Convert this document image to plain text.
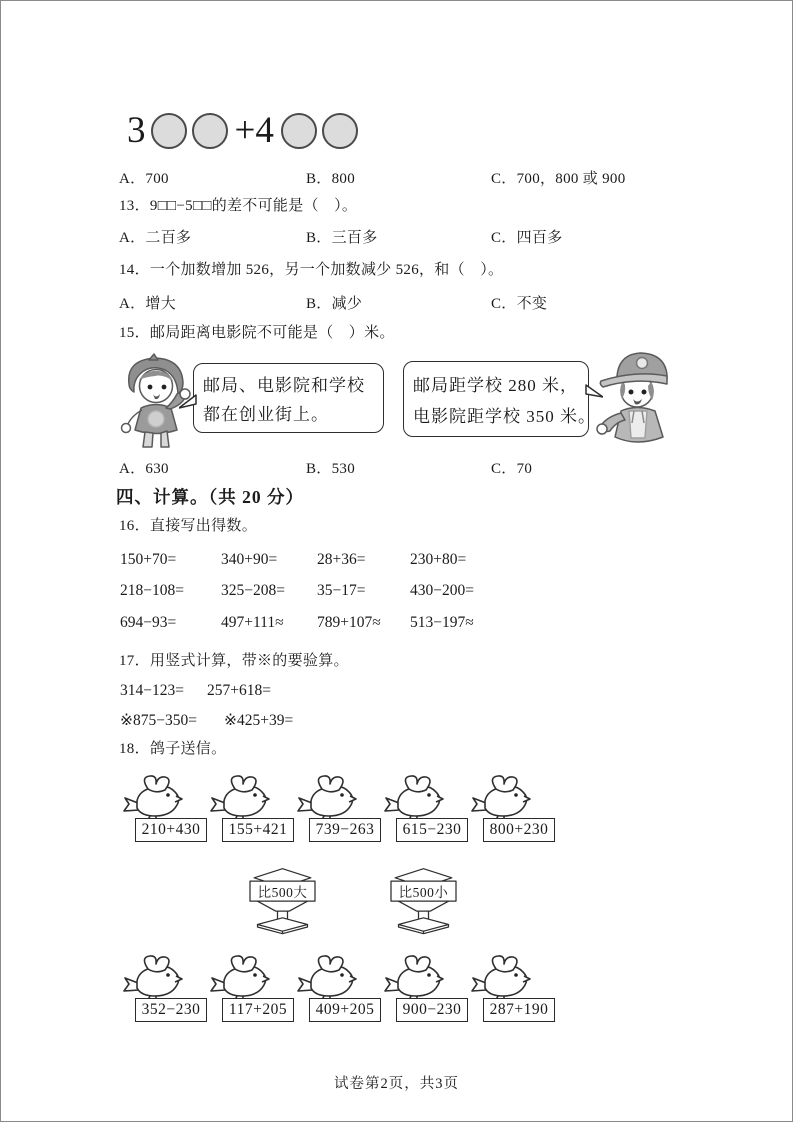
3 +4
A．700	B．800	C．700，800 或 900
13．9□□−5□□的差不可能是（　）。
A．二百多	B．三百多	C．四百多
14．一个加数增加 526，另一个加数减少 526，和（　）。
A．增大	B．减少	C．不变
15．邮局距离电影院不可能是（　）米。
邮局、电影院和学校
都在创业街上。
邮局距学校 280 米，
电影院距学校 350 米。
A．630	B．530	C．70
四、计算。（共 20 分）
16．直接写出得数。
150+70=	340+90=	28+36=	230+80=
218−108= 325−208= 35−17=	430−200=
694−93=	497+111≈ 789+107≈ 513−197≈
17．用竖式计算，带※的要验算。
314−123= 257+618=
※875−350= ※425+39=
18．鸽子送信。
210+430	155+421	739−263	615−230	800+230
比500大	比500小
352−230	117+205	409+205	900−230	287+190
试卷第2页，共3页
